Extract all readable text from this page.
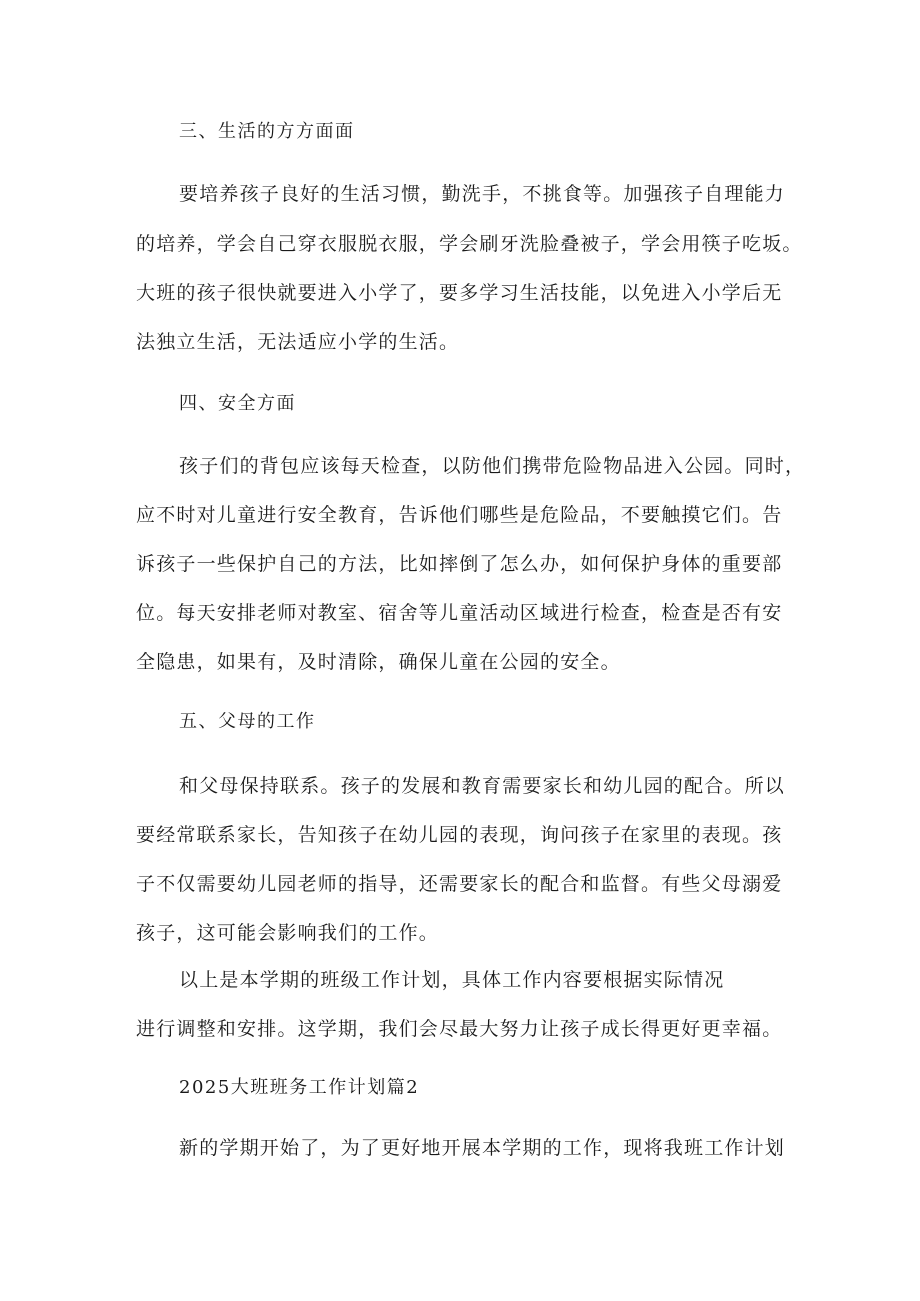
三、生活的方方面面
要培养孩子良好的生活习惯，勤洗手，不挑食等。加强孩子自理能力
的培养，学会自己穿衣服脱衣服，学会刷牙洗脸叠被子，学会用筷子吃坂。
大班的孩子很快就要进入小学了，要多学习生活技能，以免进入小学后无
法独立生活，无法适应小学的生活。
四、安全方面
孩子们的背包应该每天检查，以防他们携带危险物品进入公园。同时，
应不时对儿童进行安全教育，告诉他们哪些是危险品，不要触摸它们。告
诉孩子一些保护自己的方法，比如摔倒了怎么办，如何保护身体的重要部
位。每天安排老师对教室、宿舍等儿童活动区域进行检查，检查是否有安
全隐患，如果有，及时清除，确保儿童在公园的安全。
五、父母的工作
和父母保持联系。孩子的发展和教育需要家长和幼儿园的配合。所以
要经常联系家长，告知孩子在幼儿园的表现，询问孩子在家里的表现。孩
子不仅需要幼儿园老师的指导，还需要家长的配合和监督。有些父母溺爱
孩子，这可能会影响我们的工作。
以上是本学期的班级工作计划，具体工作内容要根据实际情况
进行调整和安排。这学期，我们会尽最大努力让孩子成长得更好更幸福。
2025大班班务工作计划篇2
新的学期开始了，为了更好地开展本学期的工作，现将我班工作计划
